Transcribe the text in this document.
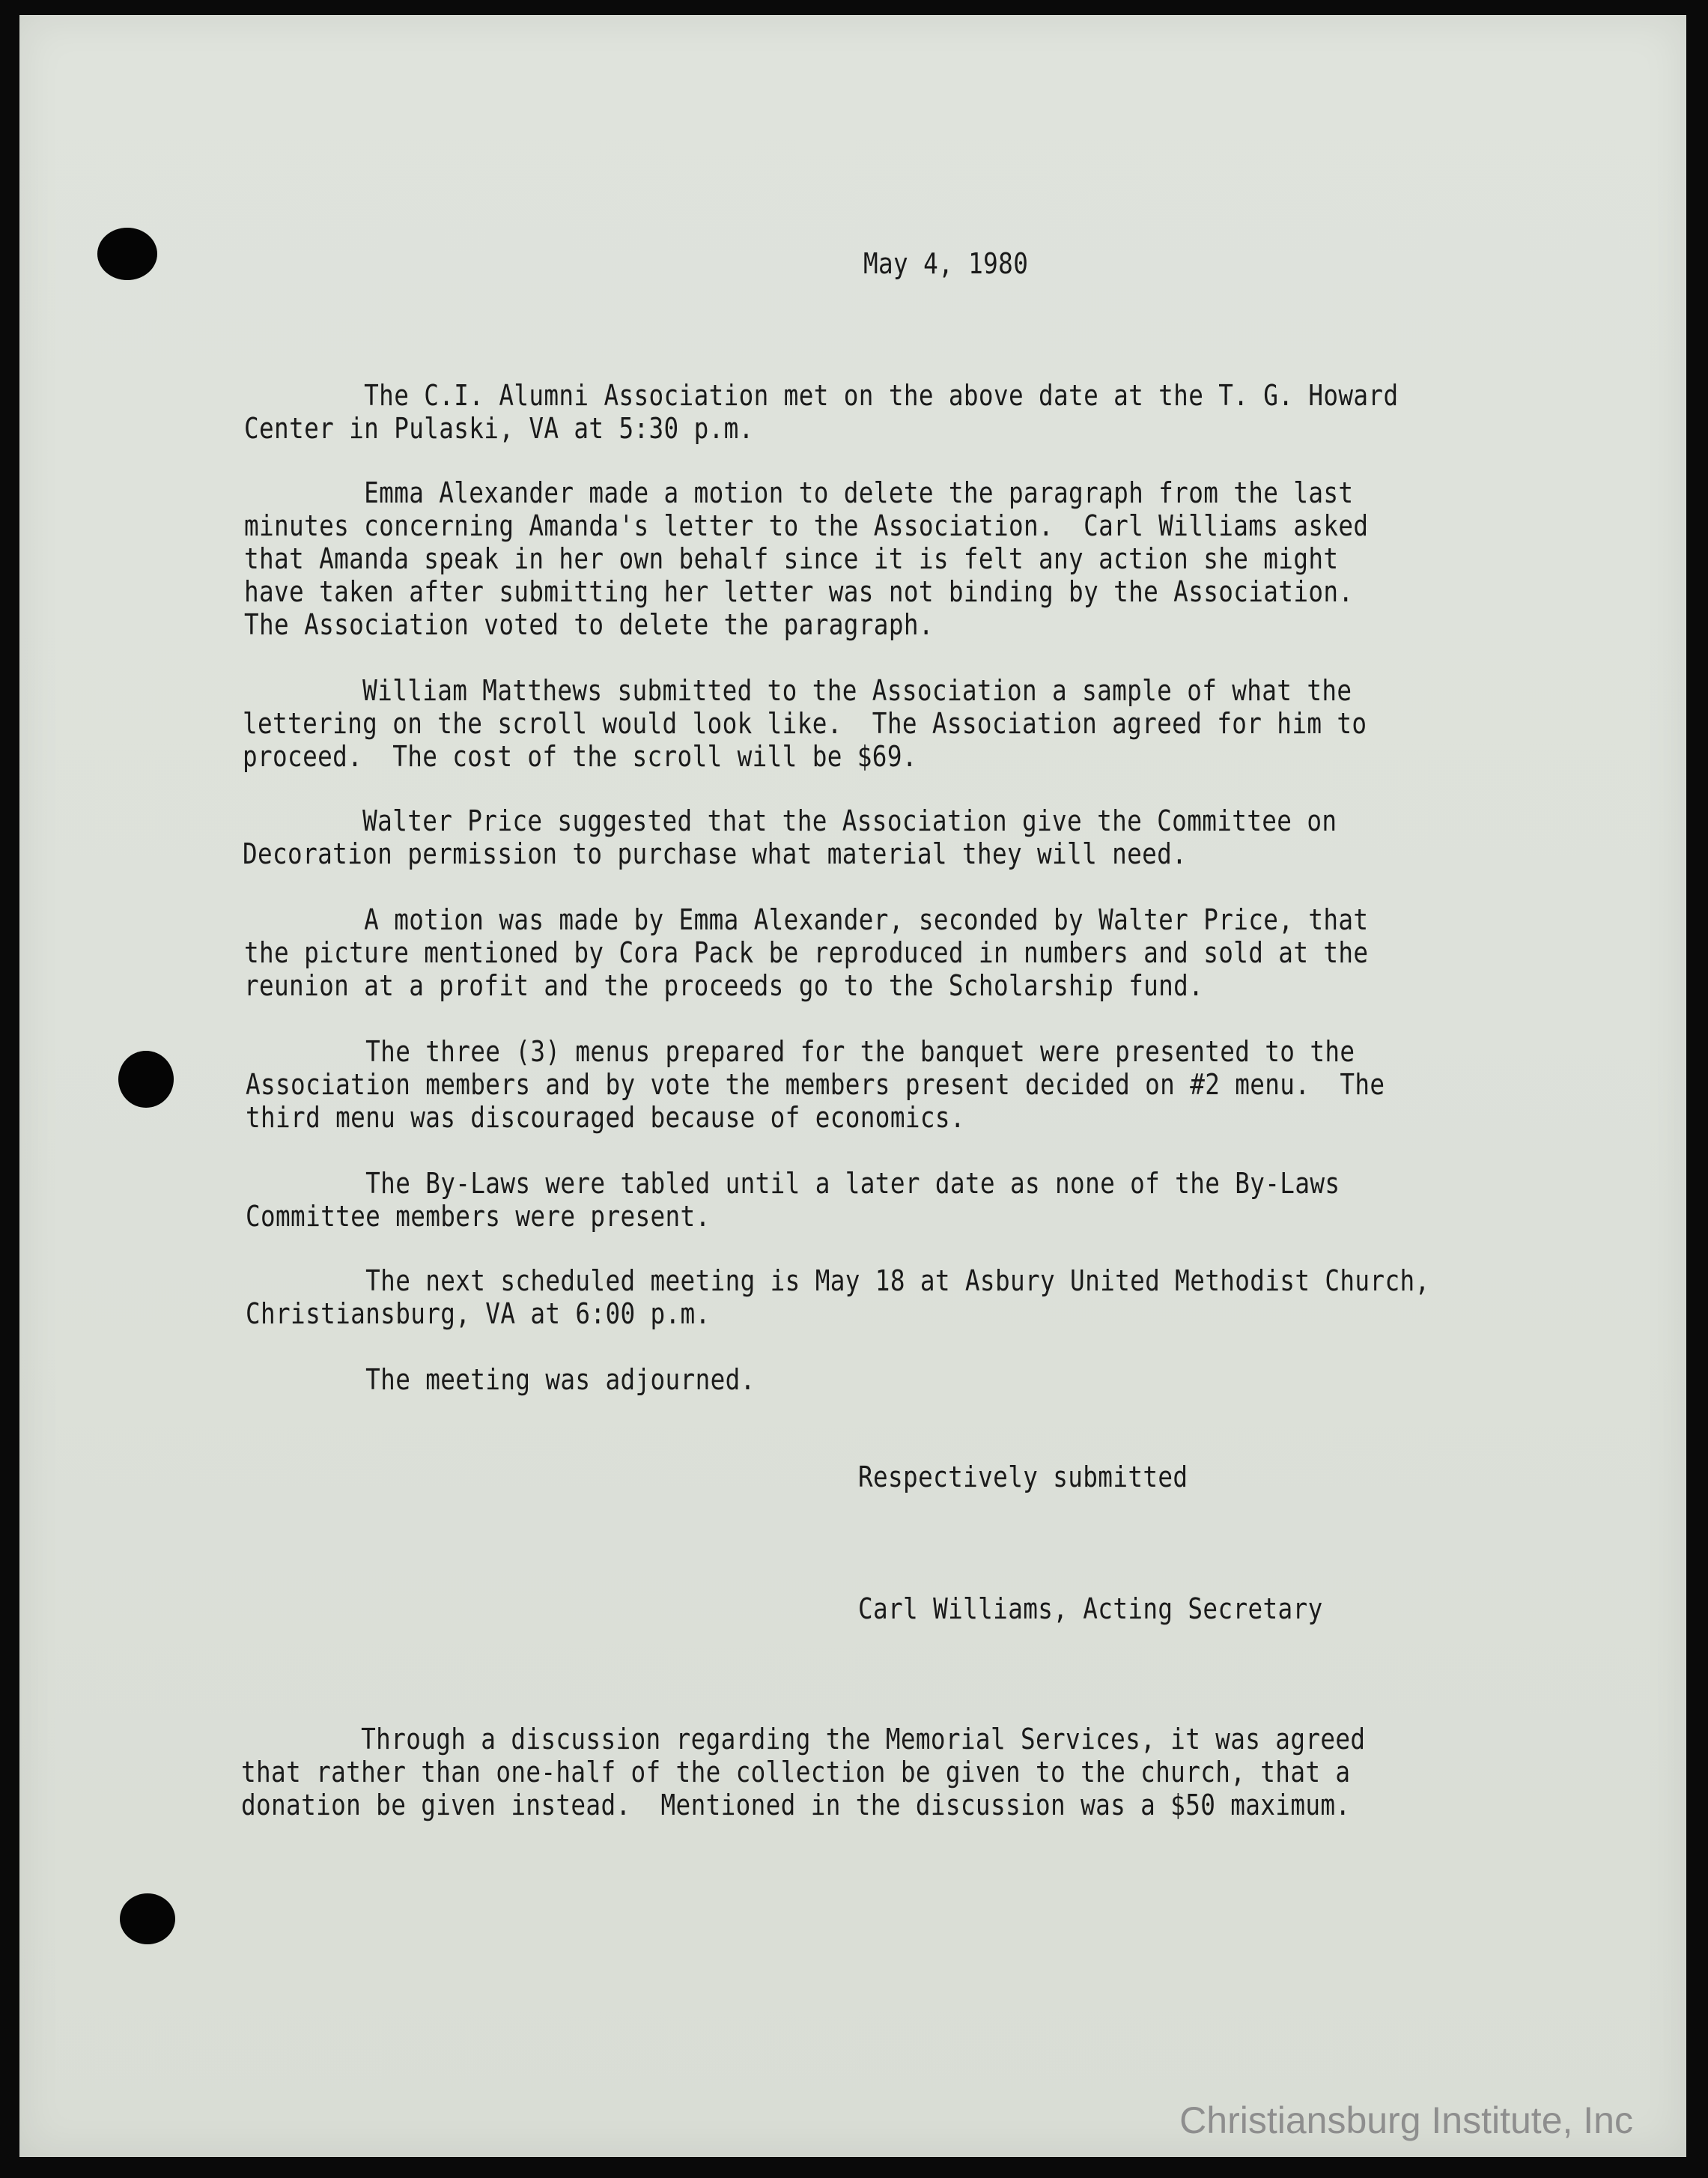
May 4, 1980
The C.I. Alumni Association met on the above date at the T. G. Howard
Center in Pulaski, VA at 5:30 p.m.
Emma Alexander made a motion to delete the paragraph from the last
minutes concerning Amanda's letter to the Association.  Carl Williams asked
that Amanda speak in her own behalf since it is felt any action she might
have taken after submitting her letter was not binding by the Association.
The Association voted to delete the paragraph.
William Matthews submitted to the Association a sample of what the
lettering on the scroll would look like.  The Association agreed for him to
proceed.  The cost of the scroll will be $69.
Walter Price suggested that the Association give the Committee on
Decoration permission to purchase what material they will need.
A motion was made by Emma Alexander, seconded by Walter Price, that
the picture mentioned by Cora Pack be reproduced in numbers and sold at the
reunion at a profit and the proceeds go to the Scholarship fund.
The three (3) menus prepared for the banquet were presented to the
Association members and by vote the members present decided on #2 menu.  The
third menu was discouraged because of economics.
The By-Laws were tabled until a later date as none of the By-Laws
Committee members were present.
The next scheduled meeting is May 18 at Asbury United Methodist Church,
Christiansburg, VA at 6:00 p.m.
The meeting was adjourned.
Respectively submitted
Carl Williams, Acting Secretary
Through a discussion regarding the Memorial Services, it was agreed
that rather than one-half of the collection be given to the church, that a
donation be given instead.  Mentioned in the discussion was a $50 maximum.
Christiansburg Institute, Inc
